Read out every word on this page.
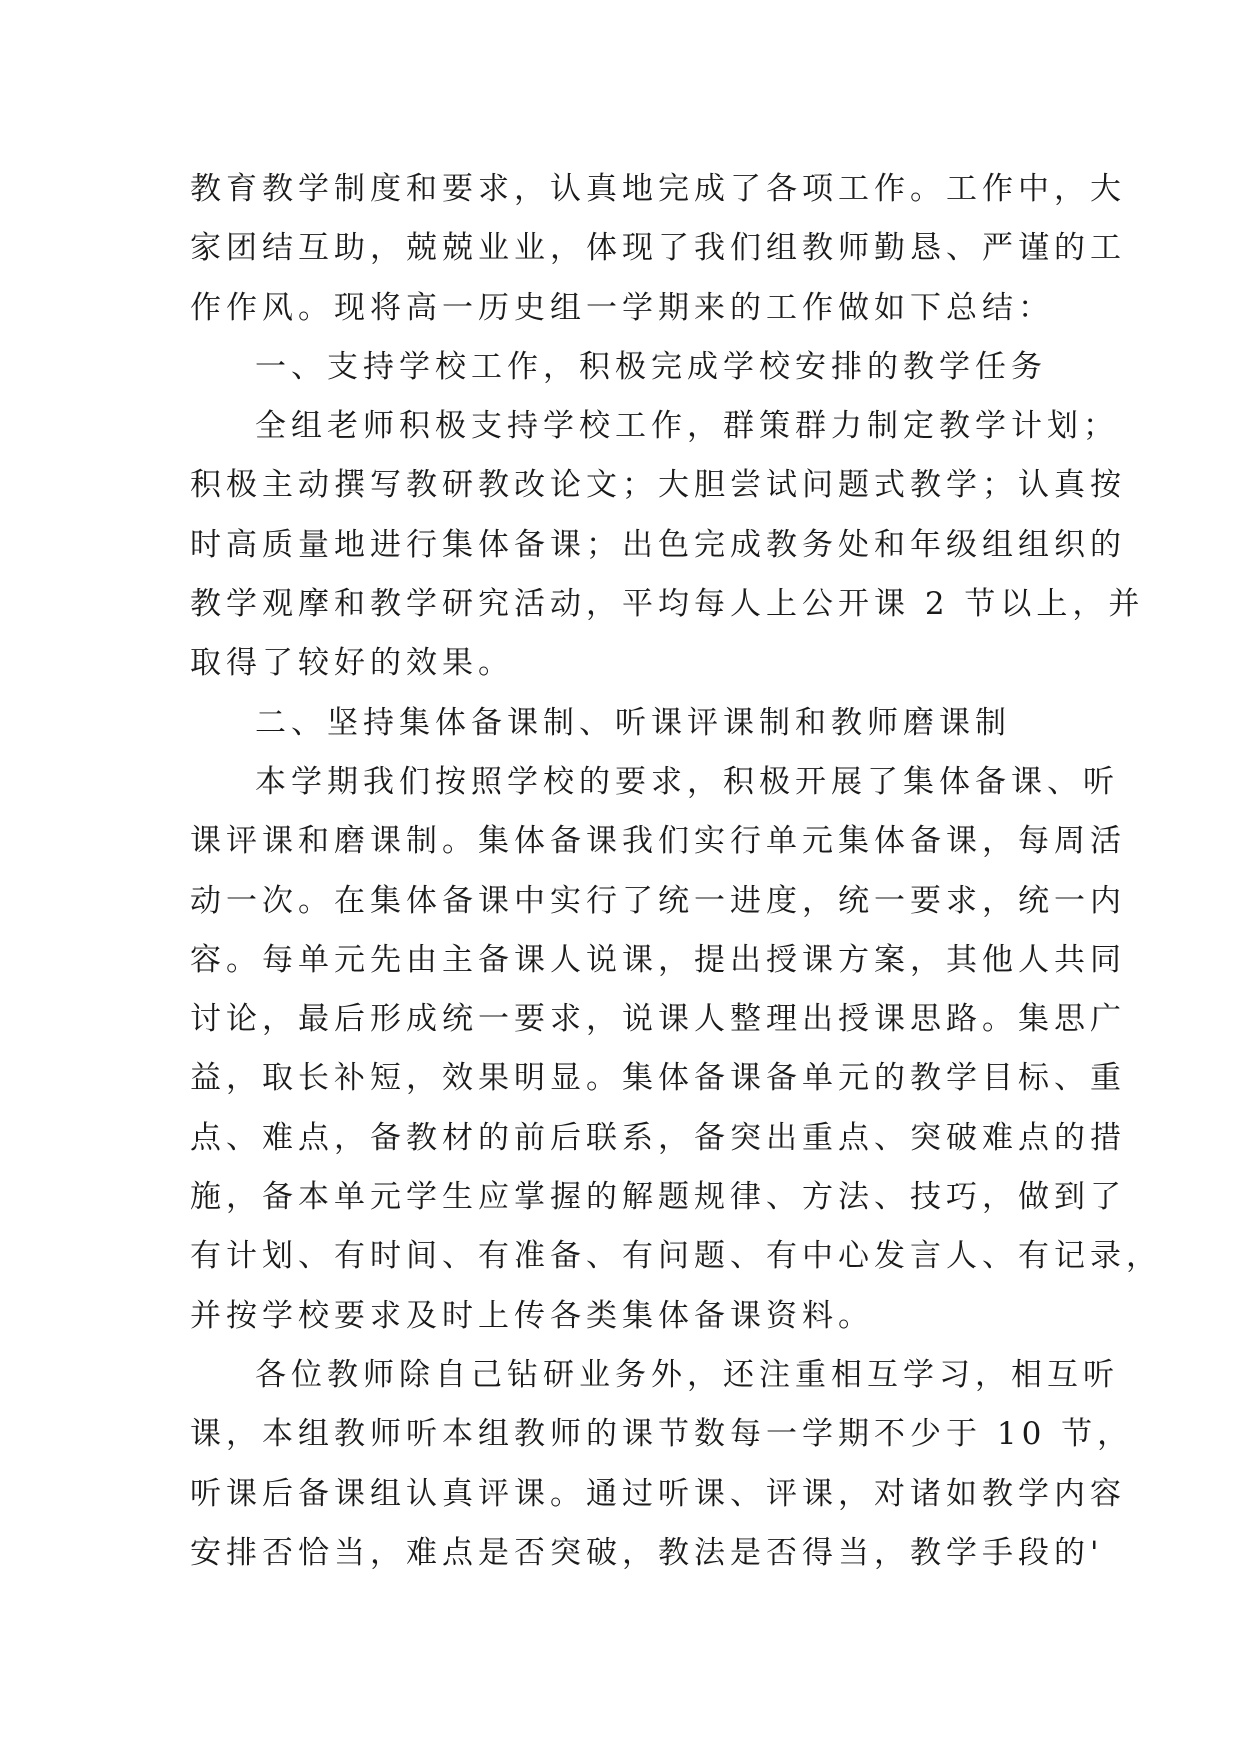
教育教学制度和要求，认真地完成了各项工作。工作中，大
家团结互助，兢兢业业，体现了我们组教师勤恳、严谨的工
作作风。现将高一历史组一学期来的工作做如下总结：
一、支持学校工作，积极完成学校安排的教学任务
全组老师积极支持学校工作，群策群力制定教学计划；
积极主动撰写教研教改论文；大胆尝试问题式教学；认真按
时高质量地进行集体备课；出色完成教务处和年级组组织的
教学观摩和教学研究活动，平均每人上公开课 2 节以上，并
取得了较好的效果。
二、坚持集体备课制、听课评课制和教师磨课制
本学期我们按照学校的要求，积极开展了集体备课、听
课评课和磨课制。集体备课我们实行单元集体备课，每周活
动一次。在集体备课中实行了统一进度，统一要求，统一内
容。每单元先由主备课人说课，提出授课方案，其他人共同
讨论，最后形成统一要求，说课人整理出授课思路。集思广
益，取长补短，效果明显。集体备课备单元的教学目标、重
点、难点，备教材的前后联系，备突出重点、突破难点的措
施，备本单元学生应掌握的解题规律、方法、技巧，做到了
有计划、有时间、有准备、有问题、有中心发言人、有记录，
并按学校要求及时上传各类集体备课资料。
各位教师除自己钻研业务外，还注重相互学习，相互听
课，本组教师听本组教师的课节数每一学期不少于 10 节，
听课后备课组认真评课。通过听课、评课，对诸如教学内容
安排否恰当，难点是否突破，教法是否得当，教学手段的'
